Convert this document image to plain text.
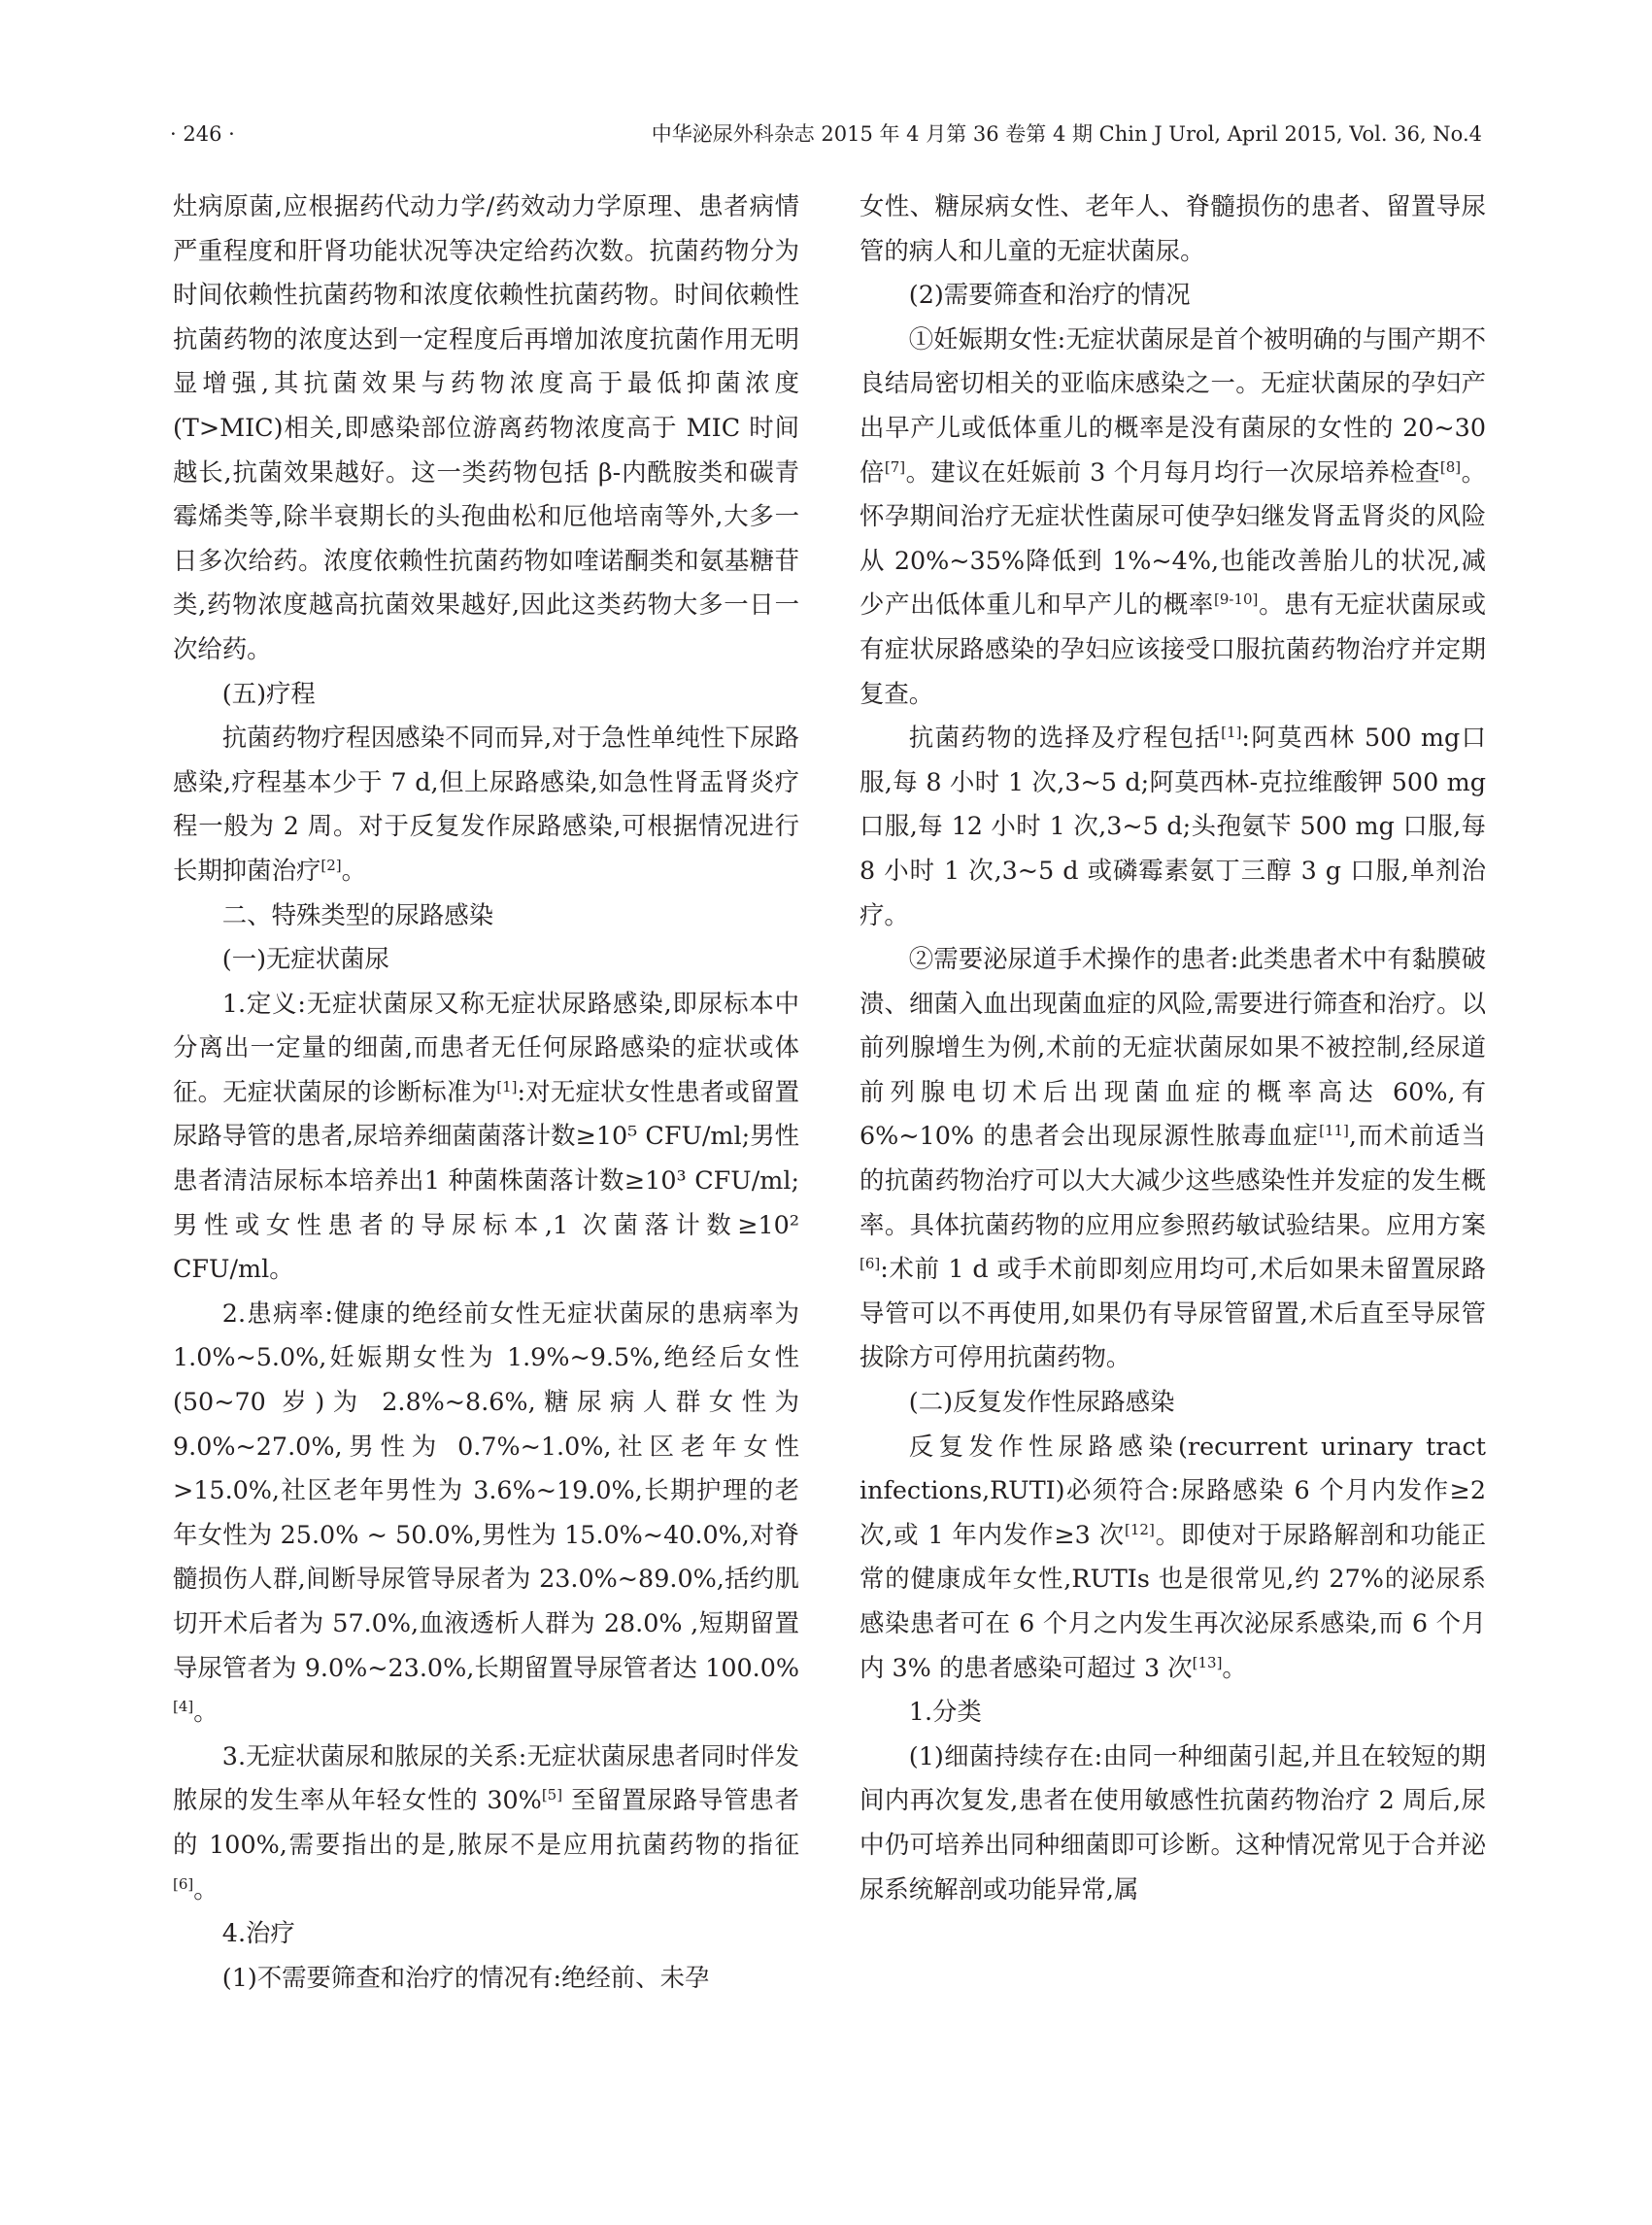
· 246 ·	中华泌尿外科杂志 2015 年 4 月第 36 卷第 4 期 Chin J Urol, April 2015, Vol. 36, No.4

灶病原菌,应根据药代动力学/药效动力学原理、患者病情严重程度和肝肾功能状况等决定给药次数。抗菌药物分为时间依赖性抗菌药物和浓度依赖性抗菌药物。时间依赖性抗菌药物的浓度达到一定程度后再增加浓度抗菌作用无明显增强,其抗菌效果与药物浓度高于最低抑菌浓度(T>MIC)相关,即感染部位游离药物浓度高于 MIC 时间越长,抗菌效果越好。这一类药物包括 β-内酰胺类和碳青霉烯类等,除半衰期长的头孢曲松和厄他培南等外,大多一日多次给药。浓度依赖性抗菌药物如喹诺酮类和氨基糖苷类,药物浓度越高抗菌效果越好,因此这类药物大多一日一次给药。

(五)疗程

抗菌药物疗程因感染不同而异,对于急性单纯性下尿路感染,疗程基本少于 7 d,但上尿路感染,如急性肾盂肾炎疗程一般为 2 周。对于反复发作尿路感染,可根据情况进行长期抑菌治疗[2]。

二、特殊类型的尿路感染

(一)无症状菌尿

1.定义:无症状菌尿又称无症状尿路感染,即尿标本中分离出一定量的细菌,而患者无任何尿路感染的症状或体征。无症状菌尿的诊断标准为[1]:对无症状女性患者或留置尿路导管的患者,尿培养细菌菌落计数≥10⁵ CFU/ml;男性患者清洁尿标本培养出1 种菌株菌落计数≥10³ CFU/ml;男性或女性患者的导尿标本,1 次菌落计数≥10² CFU/ml。

2.患病率:健康的绝经前女性无症状菌尿的患病率为1.0%~5.0%,妊娠期女性为 1.9%~9.5%,绝经后女性(50~70 岁)为 2.8%~8.6%,糖尿病人群女性为 9.0%~27.0%,男性为 0.7%~1.0%,社区老年女性>15.0%,社区老年男性为 3.6%~19.0%,长期护理的老年女性为 25.0% ~ 50.0%,男性为 15.0%~40.0%,对脊髓损伤人群,间断导尿管导尿者为 23.0%~89.0%,括约肌切开术后者为 57.0%,血液透析人群为 28.0% ,短期留置导尿管者为 9.0%~23.0%,长期留置导尿管者达 100.0%[4]。

3.无症状菌尿和脓尿的关系:无症状菌尿患者同时伴发脓尿的发生率从年轻女性的 30%[5] 至留置尿路导管患者的 100%,需要指出的是,脓尿不是应用抗菌药物的指征[6]。

4.治疗

(1)不需要筛查和治疗的情况有:绝经前、未孕

女性、糖尿病女性、老年人、脊髓损伤的患者、留置导尿管的病人和儿童的无症状菌尿。

(2)需要筛查和治疗的情况

①妊娠期女性:无症状菌尿是首个被明确的与围产期不良结局密切相关的亚临床感染之一。无症状菌尿的孕妇产出早产儿或低体重儿的概率是没有菌尿的女性的 20~30 倍[7]。建议在妊娠前 3 个月每月均行一次尿培养检查[8]。怀孕期间治疗无症状性菌尿可使孕妇继发肾盂肾炎的风险从 20%~35%降低到 1%~4%,也能改善胎儿的状况,减少产出低体重儿和早产儿的概率[9-10]。患有无症状菌尿或有症状尿路感染的孕妇应该接受口服抗菌药物治疗并定期复查。

抗菌药物的选择及疗程包括[1]:阿莫西林 500 mg口服,每 8 小时 1 次,3~5 d;阿莫西林-克拉维酸钾 500 mg 口服,每 12 小时 1 次,3~5 d;头孢氨苄 500 mg 口服,每 8 小时 1 次,3~5 d 或磷霉素氨丁三醇 3 g 口服,单剂治疗。

②需要泌尿道手术操作的患者:此类患者术中有黏膜破溃、细菌入血出现菌血症的风险,需要进行筛查和治疗。以前列腺增生为例,术前的无症状菌尿如果不被控制,经尿道前列腺电切术后出现菌血症的概率高达 60%,有 6%~10% 的患者会出现尿源性脓毒血症[11],而术前适当的抗菌药物治疗可以大大减少这些感染性并发症的发生概率。具体抗菌药物的应用应参照药敏试验结果。应用方案[6]:术前 1 d 或手术前即刻应用均可,术后如果未留置尿路导管可以不再使用,如果仍有导尿管留置,术后直至导尿管拔除方可停用抗菌药物。

(二)反复发作性尿路感染

反复发作性尿路感染(recurrent urinary tract infections,RUTI)必须符合:尿路感染 6 个月内发作≥2 次,或 1 年内发作≥3 次[12]。即使对于尿路解剖和功能正常的健康成年女性,RUTIs 也是很常见,约 27%的泌尿系感染患者可在 6 个月之内发生再次泌尿系感染,而 6 个月内 3% 的患者感染可超过 3 次[13]。

1.分类

(1)细菌持续存在:由同一种细菌引起,并且在较短的期间内再次复发,患者在使用敏感性抗菌药物治疗 2 周后,尿中仍可培养出同种细菌即可诊断。这种情况常见于合并泌尿系统解剖或功能异常,属
